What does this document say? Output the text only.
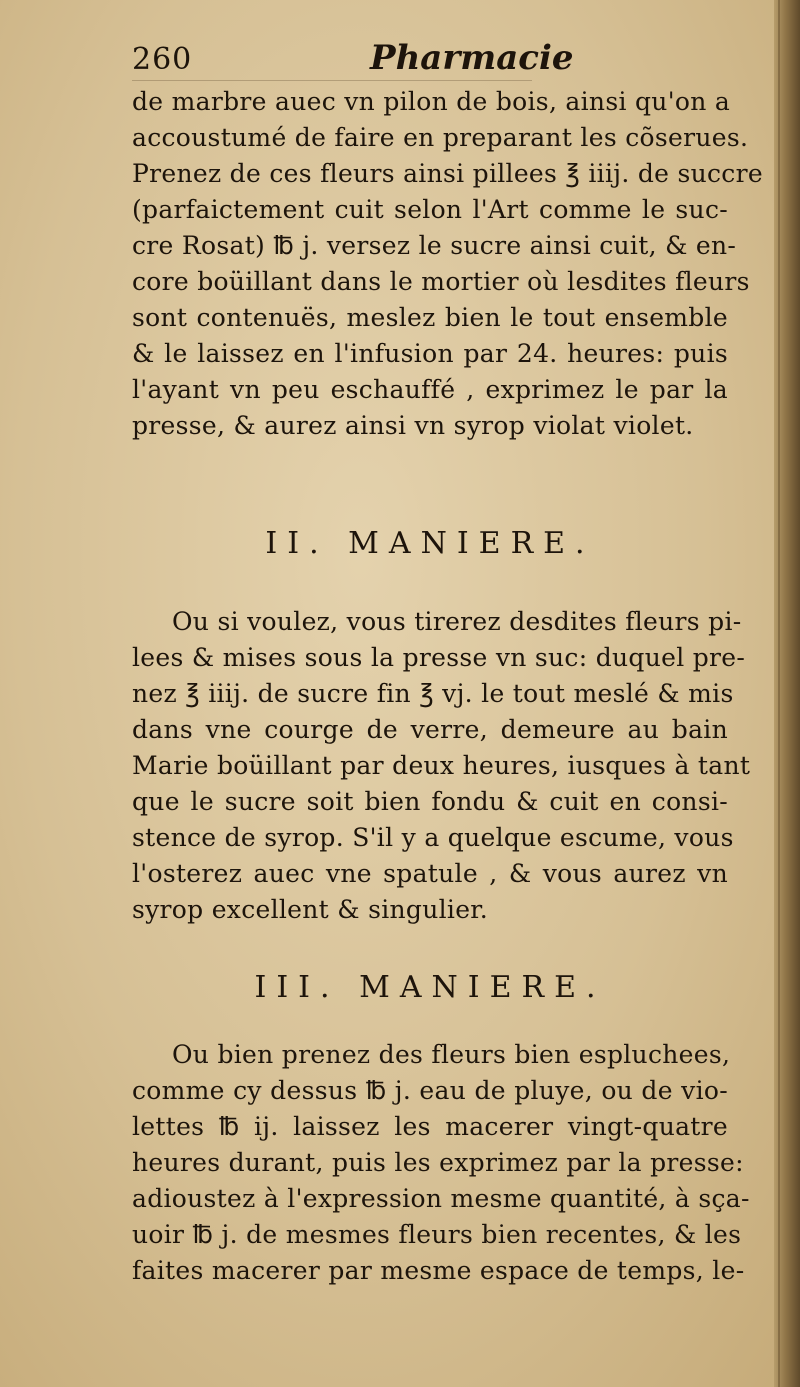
260	Pharmacie
de marbre auec vn pilon de bois, ainsi qu'on a
accoustumé de faire en preparant les cõserues.
Prenez de ces fleurs ainsi pillees ℥ iiij. de succre
(parfaictement cuit selon l'Art comme le suc-
cre Rosat) ℔ j. versez le sucre ainsi cuit, & en-
core boüillant dans le mortier où lesdites fleurs
sont contenuës, meslez bien le tout ensemble
& le laissez en l'infusion par 24. heures: puis
l'ayant vn peu eschauffé , exprimez le par la
presse, & aurez ainsi vn syrop violat violet.
II. MANIERE.
Ou si voulez, vous tirerez desdites fleurs pi-
lees & mises sous la presse vn suc: duquel pre-
nez ℥ iiij. de sucre fin ℥ vj. le tout meslé & mis
dans vne courge de verre, demeure au bain
Marie boüillant par deux heures, iusques à tant
que le sucre soit bien fondu & cuit en consi-
stence de syrop. S'il y a quelque escume, vous
l'osterez auec vne spatule , & vous aurez vn
syrop excellent & singulier.
III. MANIERE.
Ou bien prenez des fleurs bien espluchees,
comme cy dessus ℔ j. eau de pluye, ou de vio-
lettes ℔ ij. laissez les macerer vingt-quatre
heures durant, puis les exprimez par la presse:
adioustez à l'expression mesme quantité, à sça-
uoir ℔ j. de mesmes fleurs bien recentes, & les
faites macerer par mesme espace de temps, le-
